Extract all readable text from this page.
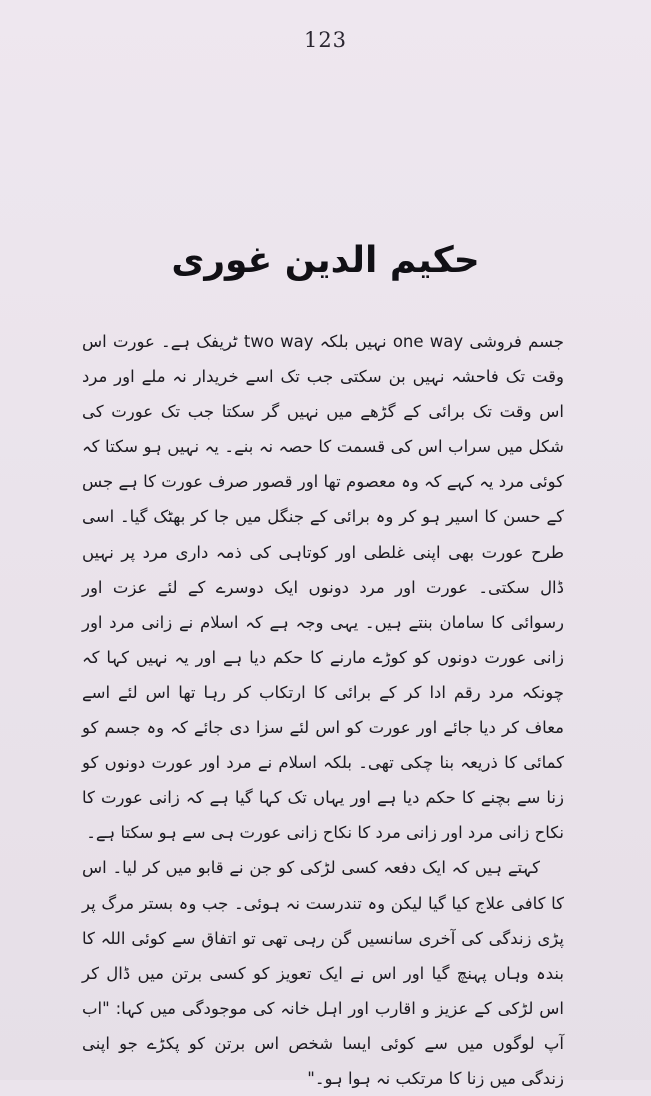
123
حکیم الدین غوری

جسم فروشی one way نہیں بلکہ two way ٹریفک ہے۔ عورت اس وقت تک فاحشہ نہیں بن سکتی جب تک اسے خریدار نہ ملے اور مرد اس وقت تک برائی کے گڑھے میں نہیں گر سکتا جب تک عورت کی شکل میں سراب اس کی قسمت کا حصہ نہ بنے۔ یہ نہیں ہو سکتا کہ کوئی مرد یہ کہے کہ وہ معصوم تھا اور قصور صرف عورت کا ہے جس کے حسن کا اسیر ہو کر وہ برائی کے جنگل میں جا کر بھٹک گیا۔ اسی طرح عورت بھی اپنی غلطی اور کوتاہی کی ذمہ داری مرد پر نہیں ڈال سکتی۔ عورت اور مرد دونوں ایک دوسرے کے لئے عزت اور رسوائی کا سامان بنتے ہیں۔ یہی وجہ ہے کہ اسلام نے زانی مرد اور زانی عورت دونوں کو کوڑے مارنے کا حکم دیا ہے اور یہ نہیں کہا کہ چونکہ مرد رقم ادا کر کے برائی کا ارتکاب کر رہا تھا اس لئے اسے معاف کر دیا جائے اور عورت کو اس لئے سزا دی جائے کہ وہ جسم کو کمائی کا ذریعہ بنا چکی تھی۔ بلکہ اسلام نے مرد اور عورت دونوں کو زنا سے بچنے کا حکم دیا ہے اور یہاں تک کہا گیا ہے کہ زانی عورت کا نکاح زانی مرد اور زانی مرد کا نکاح زانی عورت ہی سے ہو سکتا ہے۔

کہتے ہیں کہ ایک دفعہ کسی لڑکی کو جن نے قابو میں کر لیا۔ اس کا کافی علاج کیا گیا لیکن وہ تندرست نہ ہوئی۔ جب وہ بستر مرگ پر پڑی زندگی کی آخری سانسیں گن رہی تھی تو اتفاق سے کوئی اللہ کا بندہ وہاں پہنچ گیا اور اس نے ایک تعویز کو کسی برتن میں ڈال کر اس لڑکی کے عزیز و اقارب اور اہل خانہ کی موجودگی میں کہا: "اب آپ لوگوں میں سے کوئی ایسا شخص اس برتن کو پکڑے جو اپنی زندگی میں زنا کا مرتکب نہ ہوا ہو۔"
